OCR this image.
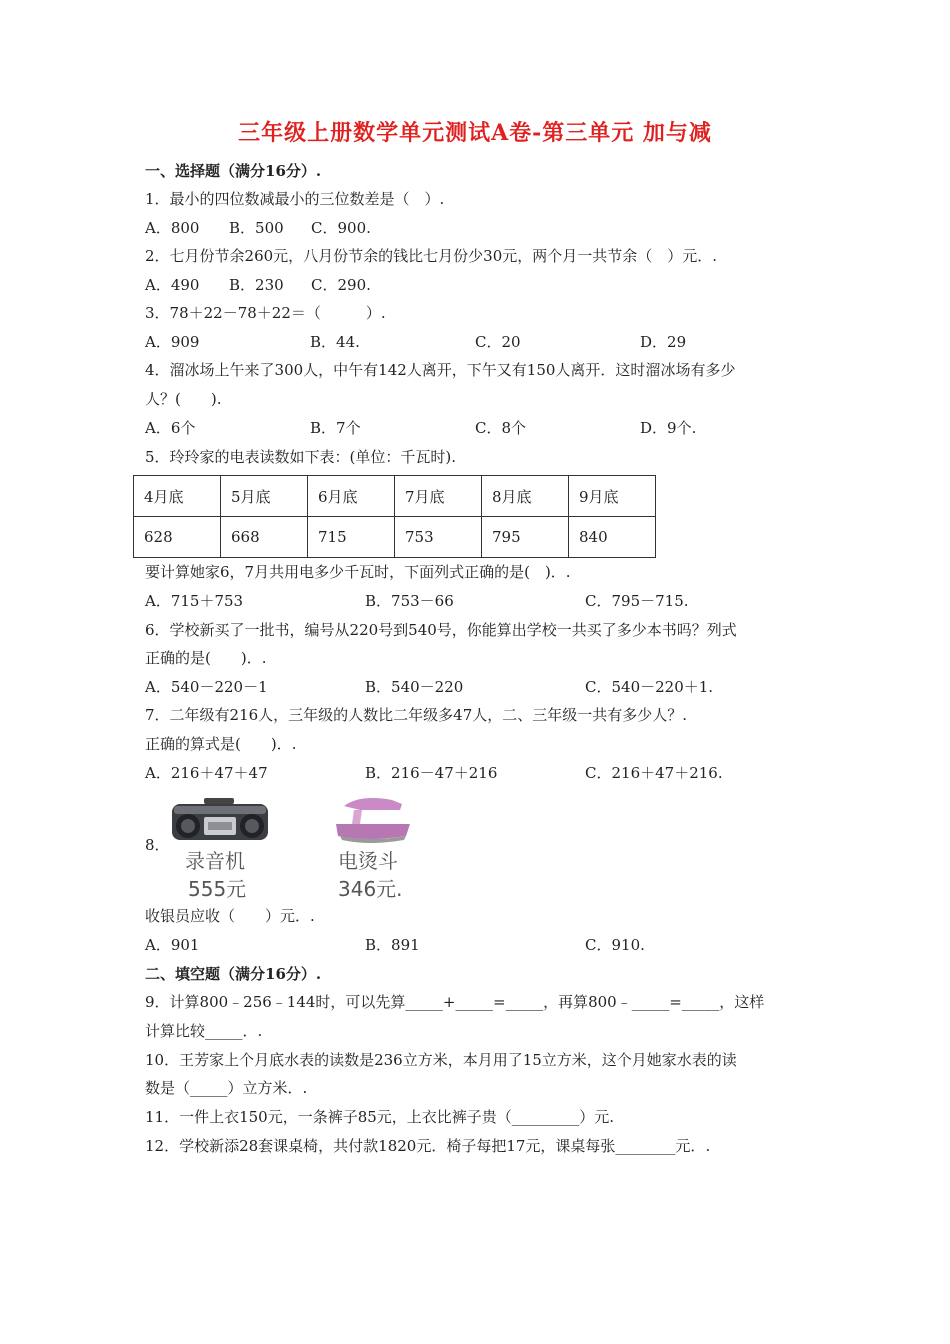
三年级上册数学单元测试A卷-第三单元 加与减
一、选择题（满分16分）.
1．最小的四位数减最小的三位数差是（　）.
A．800 B．500 C．900.
2．七月份节余260元，八月份节余的钱比七月份少30元，两个月一共节余（　）元．.
A．490 B．230 C．290.
3．78＋22－78＋22＝（　　　）.
A．909	B．44.	C．20	D．29
4．溜冰场上午来了300人，中午有142人离开，下午又有150人离开．这时溜冰场有多少
人？(　　).
A．6个	B．7个	C．8个	D．9个.
5．玲玲家的电表读数如下表：(单位：千瓦时).
4月底	5月底	6月底	7月底	8月底	9月底
628	668	715	753	795	840
要计算她家6，7月共用电多少千瓦时，下面列式正确的是(　)．.
A．715＋753	B．753－66	C．795－715.
6．学校新买了一批书，编号从220号到540号，你能算出学校一共买了多少本书吗？列式
正确的是(　　)．.
A．540－220－1	B．540－220	C．540－220＋1.
7．二年级有216人，三年级的人数比二年级多47人，二、三年级一共有多少人？.
正确的算式是(　　)．.
A．216＋47＋47	B．216－47＋216	C．216＋47＋216.
8．
录音机
555元
电烫斗
346元.
收银员应收（　　）元．.
A．901	B．891	C．910.
二、填空题（满分16分）.
9．计算800﹣256﹣144时，可以先算_____+_____=_____，再算800﹣_____=_____，这样
计算比较_____．.
10．王芳家上个月底水表的读数是236立方米，本月用了15立方米，这个月她家水表的读
数是（_____）立方米．.
11．一件上衣150元，一条裤子85元，上衣比裤子贵（_________）元.
12．学校新添28套课桌椅，共付款1820元．椅子每把17元，课桌每张________元．.
